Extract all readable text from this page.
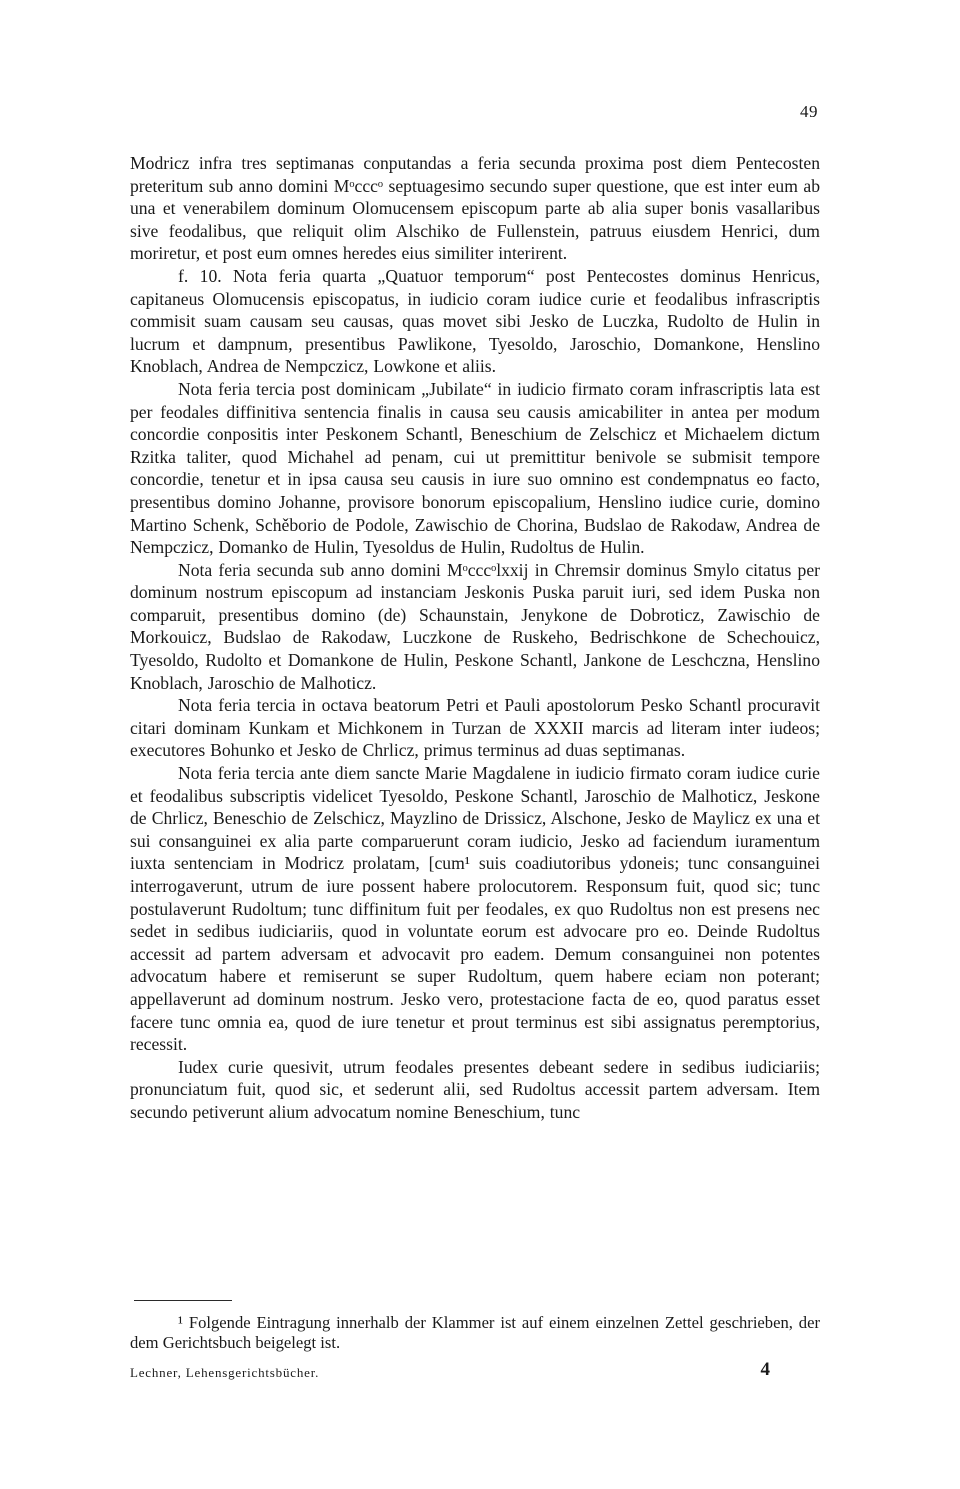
49

Modricz infra tres septimanas conputandas a feria secunda proxima post diem Pentecosten preteritum sub anno domini Mᵒcccᵒ septuagesimo secundo super questione, que est inter eum ab una et venerabilem dominum Olomucensem episcopum parte ab alia super bonis vasallaribus sive feodalibus, que reliquit olim Alschiko de Fullenstein, patruus eiusdem Henrici, dum moriretur, et post eum omnes heredes eius similiter interirent.

f. 10. Nota feria quarta „Quatuor temporum“ post Pentecostes dominus Henricus, capitaneus Olomucensis episcopatus, in iudicio coram iudice curie et feodalibus infrascriptis commisit suam causam seu causas, quas movet sibi Jesko de Luczka, Rudolto de Hulin in lucrum et dampnum, presentibus Pawlikone, Tyesoldo, Jaroschio, Domankone, Henslino Knoblach, Andrea de Nempczicz, Lowkone et aliis.

Nota feria tercia post dominicam „Jubilate“ in iudicio firmato coram infrascriptis lata est per feodales diffinitiva sentencia finalis in causa seu causis amicabiliter in antea per modum concordie conpositis inter Peskonem Schantl, Beneschium de Zelschicz et Michaelem dictum Rzitka taliter, quod Michahel ad penam, cui ut premittitur benivole se submisit tempore concordie, tenetur et in ipsa causa seu causis in iure suo omnino est condempnatus eo facto, presentibus domino Johanne, provisore bonorum episcopalium, Henslino iudice curie, domino Martino Schenk, Schěborio de Podole, Zawischio de Chorina, Budslao de Rakodaw, Andrea de Nempczicz, Domanko de Hulin, Tyesoldus de Hulin, Rudoltus de Hulin.

Nota feria secunda sub anno domini Mᵒcccᵒlxxij in Chremsir dominus Smylo citatus per dominum nostrum episcopum ad instanciam Jeskonis Puska paruit iuri, sed idem Puska non comparuit, presentibus domino (de) Schaunstain, Jenykone de Dobroticz, Zawischio de Morkouicz, Budslao de Rakodaw, Luczkone de Ruskeho, Bedrischkone de Schechouicz, Tyesoldo, Rudolto et Domankone de Hulin, Peskone Schantl, Jankone de Leschczna, Henslino Knoblach, Jaroschio de Malhoticz.

Nota feria tercia in octava beatorum Petri et Pauli apostolorum Pesko Schantl procuravit citari dominam Kunkam et Michkonem in Turzan de XXXII marcis ad literam inter iudeos; executores Bohunko et Jesko de Chrlicz, primus terminus ad duas septimanas.

Nota feria tercia ante diem sancte Marie Magdalene in iudicio firmato coram iudice curie et feodalibus subscriptis videlicet Tyesoldo, Peskone Schantl, Jaroschio de Malhoticz, Jeskone de Chrlicz, Beneschio de Zelschicz, Mayzlino de Drissicz, Alschone, Jesko de Maylicz ex una et sui consanguinei ex alia parte comparuerunt coram iudicio, Jesko ad faciendum iuramentum iuxta sentenciam in Modricz prolatam, [cum¹ suis coadiutoribus ydoneis; tunc consanguinei interrogaverunt, utrum de iure possent habere prolocutorem. Responsum fuit, quod sic; tunc postulaverunt Rudoltum; tunc diffinitum fuit per feodales, ex quo Rudoltus non est presens nec sedet in sedibus iudiciariis, quod in voluntate eorum est advocare pro eo. Deinde Rudoltus accessit ad partem adversam et advocavit pro eadem. Demum consanguinei non potentes advocatum habere et remiserunt se super Rudoltum, quem habere eciam non poterant; appellaverunt ad dominum nostrum. Jesko vero, protestacione facta de eo, quod paratus esset facere tunc omnia ea, quod de iure tenetur et prout terminus est sibi assignatus peremptorius, recessit.

Iudex curie quesivit, utrum feodales presentes debeant sedere in sedibus iudiciariis; pronunciatum fuit, quod sic, et sederunt alii, sed Rudoltus accessit partem adversam. Item secundo petiverunt alium advocatum nomine Beneschium, tunc

¹ Folgende Eintragung innerhalb der Klammer ist auf einem einzelnen Zettel geschrieben, der dem Gerichtsbuch beigelegt ist.
Lechner, Lehensgerichtsbücher.	4
